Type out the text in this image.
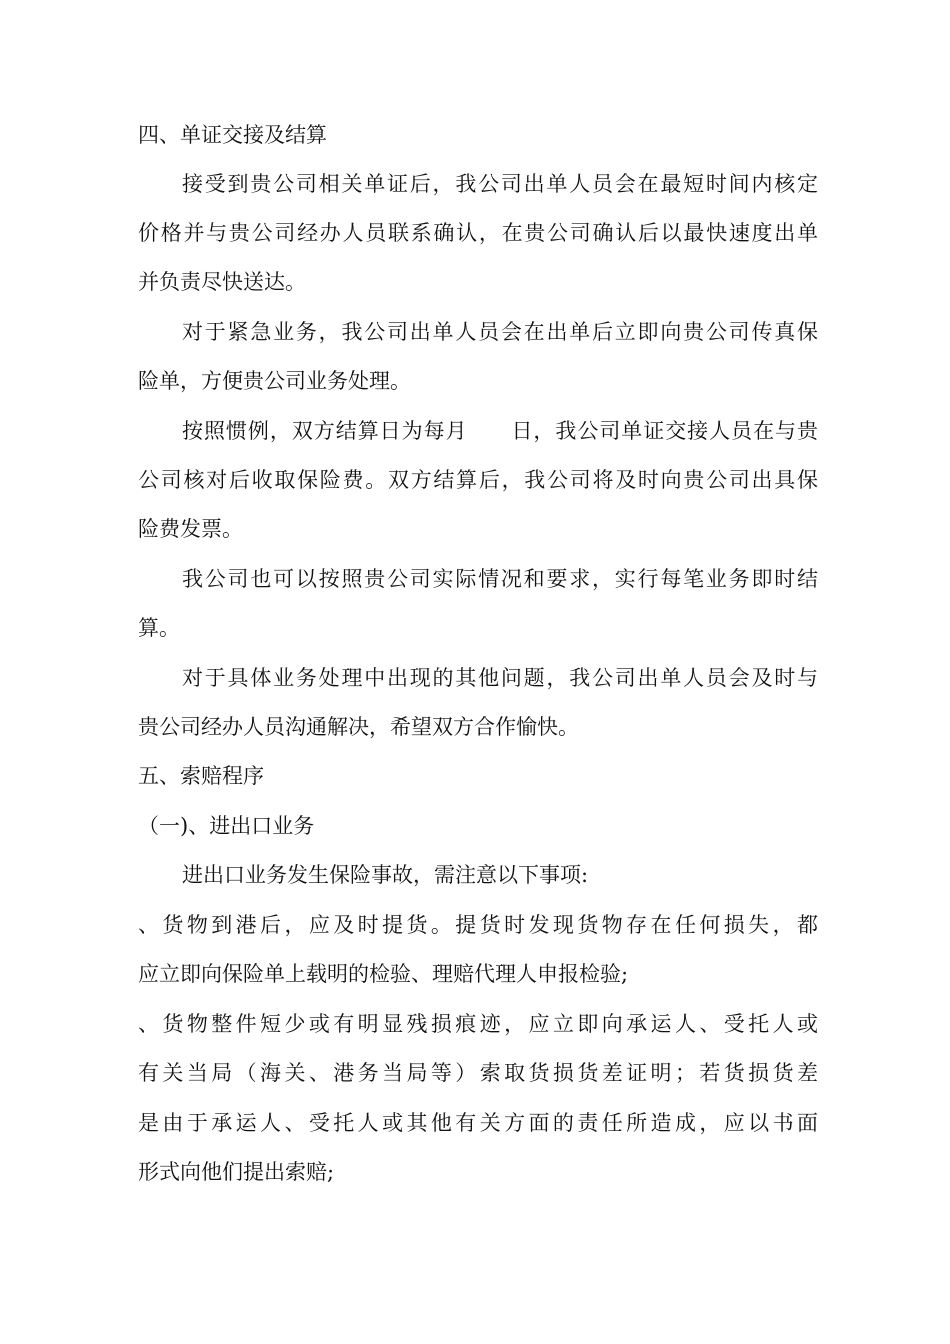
四、单证交接及结算
接受到贵公司相关单证后，我公司出单人员会在最短时间内核定
价格并与贵公司经办人员联系确认，在贵公司确认后以最快速度出单
并负责尽快送达。
对于紧急业务，我公司出单人员会在出单后立即向贵公司传真保
险单，方便贵公司业务处理。
按照惯例，双方结算日为每月　　日，我公司单证交接人员在与贵
公司核对后收取保险费。双方结算后，我公司将及时向贵公司出具保
险费发票。
我公司也可以按照贵公司实际情况和要求，实行每笔业务即时结
算。
对于具体业务处理中出现的其他问题，我公司出单人员会及时与
贵公司经办人员沟通解决，希望双方合作愉快。
五、索赔程序
（一)、进出口业务
进出口业务发生保险事故，需注意以下事项:
、货物到港后，应及时提货。提货时发现货物存在任何损失，都
应立即向保险单上载明的检验、理赔代理人申报检验;
、货物整件短少或有明显残损痕迹，应立即向承运人、受托人或
有关当局（海关、港务当局等）索取货损货差证明；若货损货差
是由于承运人、受托人或其他有关方面的责任所造成，应以书面
形式向他们提出索赔;
